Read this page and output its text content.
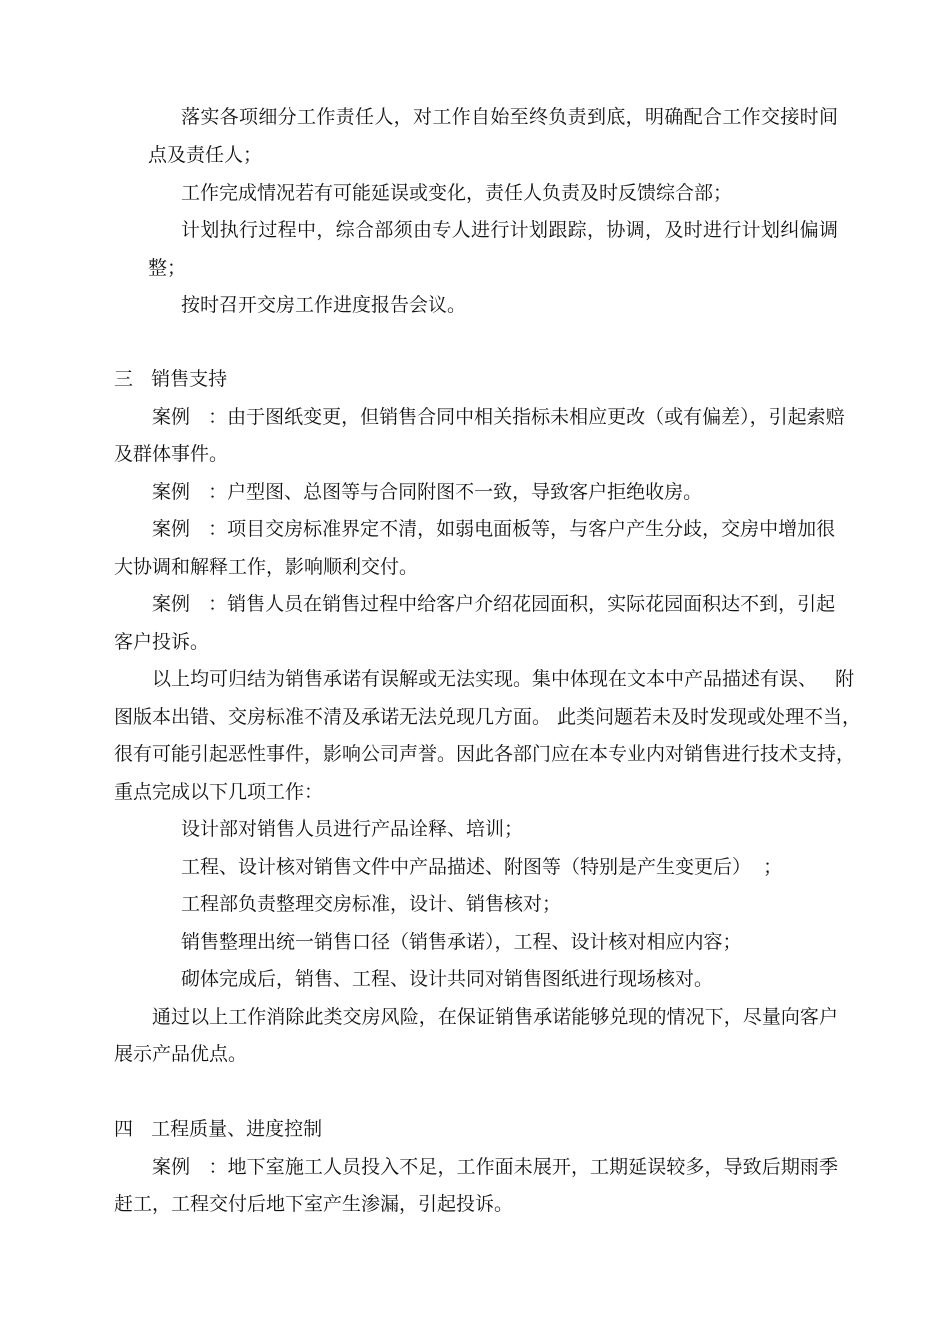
落实各项细分工作责任人，对工作自始至终负责到底，明确配合工作交接时间
点及责任人；
工作完成情况若有可能延误或变化，责任人负责及时反馈综合部；
计划执行过程中，综合部须由专人进行计划跟踪，协调，及时进行计划纠偏调
整；
按时召开交房工作进度报告会议。
三   销售支持
案例   ：由于图纸变更，但销售合同中相关指标未相应更改（或有偏差），引起索赔
及群体事件。
案例   ：户型图、总图等与合同附图不一致，导致客户拒绝收房。
案例   ：项目交房标准界定不清，如弱电面板等，与客户产生分歧，交房中增加很
大协调和解释工作，影响顺利交付。
案例   ：销售人员在销售过程中给客户介绍花园面积，实际花园面积达不到，引起
客户投诉。
以上均可归结为销售承诺有误解或无法实现。集中体现在文本中产品描述有误、   附
图版本出错、交房标准不清及承诺无法兑现几方面。 此类问题若未及时发现或处理不当，
很有可能引起恶性事件，影响公司声誉。因此各部门应在本专业内对销售进行技术支持，
重点完成以下几项工作：
设计部对销售人员进行产品诠释、培训；
工程、设计核对销售文件中产品描述、附图等（特别是产生变更后）  ；
工程部负责整理交房标准，设计、销售核对；
销售整理出统一销售口径（销售承诺），工程、设计核对相应内容；
砌体完成后，销售、工程、设计共同对销售图纸进行现场核对。
通过以上工作消除此类交房风险，在保证销售承诺能够兑现的情况下，尽量向客户
展示产品优点。
四   工程质量、进度控制
案例   ：地下室施工人员投入不足，工作面未展开，工期延误较多，导致后期雨季
赶工，工程交付后地下室产生渗漏，引起投诉。
